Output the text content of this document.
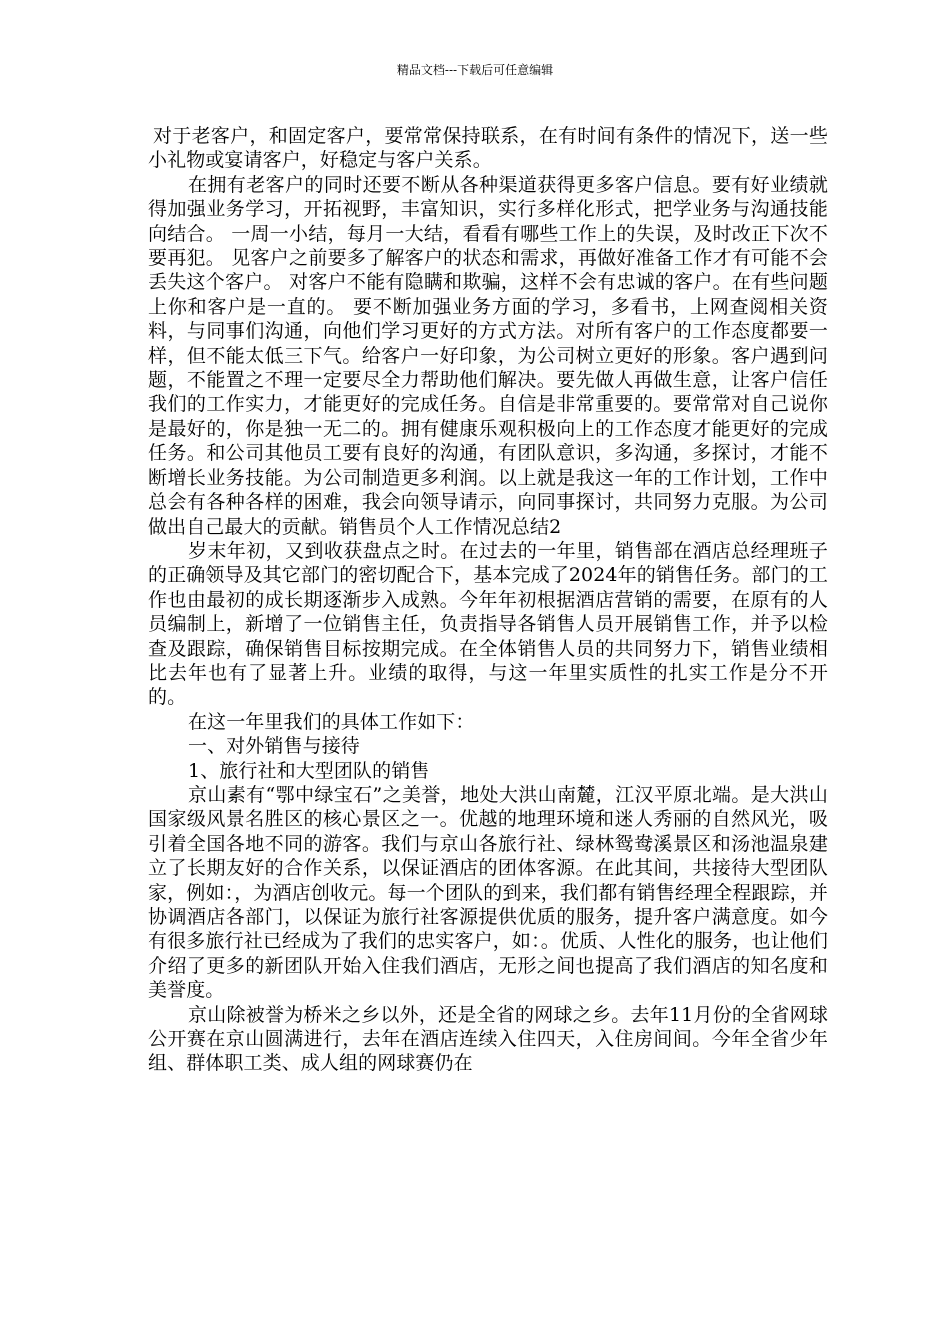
精品文档---下载后可任意编辑

对于老客户，和固定客户，要常常保持联系，在有时间有条件的情况下，送一些小礼物或宴请客户，好稳定与客户关系。

在拥有老客户的同时还要不断从各种渠道获得更多客户信息。要有好业绩就得加强业务学习，开拓视野，丰富知识，实行多样化形式，把学业务与沟通技能向结合。 一周一小结，每月一大结，看看有哪些工作上的失误，及时改正下次不要再犯。 见客户之前要多了解客户的状态和需求，再做好准备工作才有可能不会丢失这个客户。 对客户不能有隐瞒和欺骗，这样不会有忠诚的客户。在有些问题上你和客户是一直的。 要不断加强业务方面的学习，多看书，上网查阅相关资料，与同事们沟通，向他们学习更好的方式方法。对所有客户的工作态度都要一样，但不能太低三下气。给客户一好印象，为公司树立更好的形象。客户遇到问题，不能置之不理一定要尽全力帮助他们解决。要先做人再做生意，让客户信任我们的工作实力，才能更好的完成任务。自信是非常重要的。要常常对自己说你是最好的，你是独一无二的。拥有健康乐观积极向上的工作态度才能更好的完成任务。和公司其他员工要有良好的沟通，有团队意识，多沟通，多探讨，才能不断增长业务技能。为公司制造更多利润。以上就是我这一年的工作计划，工作中总会有各种各样的困难，我会向领导请示，向同事探讨，共同努力克服。为公司做出自己最大的贡献。销售员个人工作情况总结2

岁末年初，又到收获盘点之时。在过去的一年里，销售部在酒店总经理班子的正确领导及其它部门的密切配合下，基本完成了2024年的销售任务。部门的工作也由最初的成长期逐渐步入成熟。今年年初根据酒店营销的需要，在原有的人员编制上，新增了一位销售主任，负责指导各销售人员开展销售工作，并予以检查及跟踪，确保销售目标按期完成。在全体销售人员的共同努力下，销售业绩相比去年也有了显著上升。业绩的取得，与这一年里实质性的扎实工作是分不开的。

在这一年里我们的具体工作如下：

一、对外销售与接待

1、旅行社和大型团队的销售

京山素有“鄂中绿宝石”之美誉，地处大洪山南麓，江汉平原北端。是大洪山国家级风景名胜区的核心景区之一。优越的地理环境和迷人秀丽的自然风光，吸引着全国各地不同的游客。我们与京山各旅行社、绿林鸳鸯溪景区和汤池温泉建立了长期友好的合作关系，以保证酒店的团体客源。在此其间，共接待大型团队家，例如：，为酒店创收元。每一个团队的到来，我们都有销售经理全程跟踪，并协调酒店各部门，以保证为旅行社客源提供优质的服务，提升客户满意度。如今有很多旅行社已经成为了我们的忠实客户，如：。优质、人性化的服务，也让他们介绍了更多的新团队开始入住我们酒店，无形之间也提高了我们酒店的知名度和美誉度。

京山除被誉为桥米之乡以外，还是全省的网球之乡。去年11月份的全省网球公开赛在京山圆满进行，去年在酒店连续入住四天，入住房间间。今年全省少年组、群体职工类、成人组的网球赛仍在
